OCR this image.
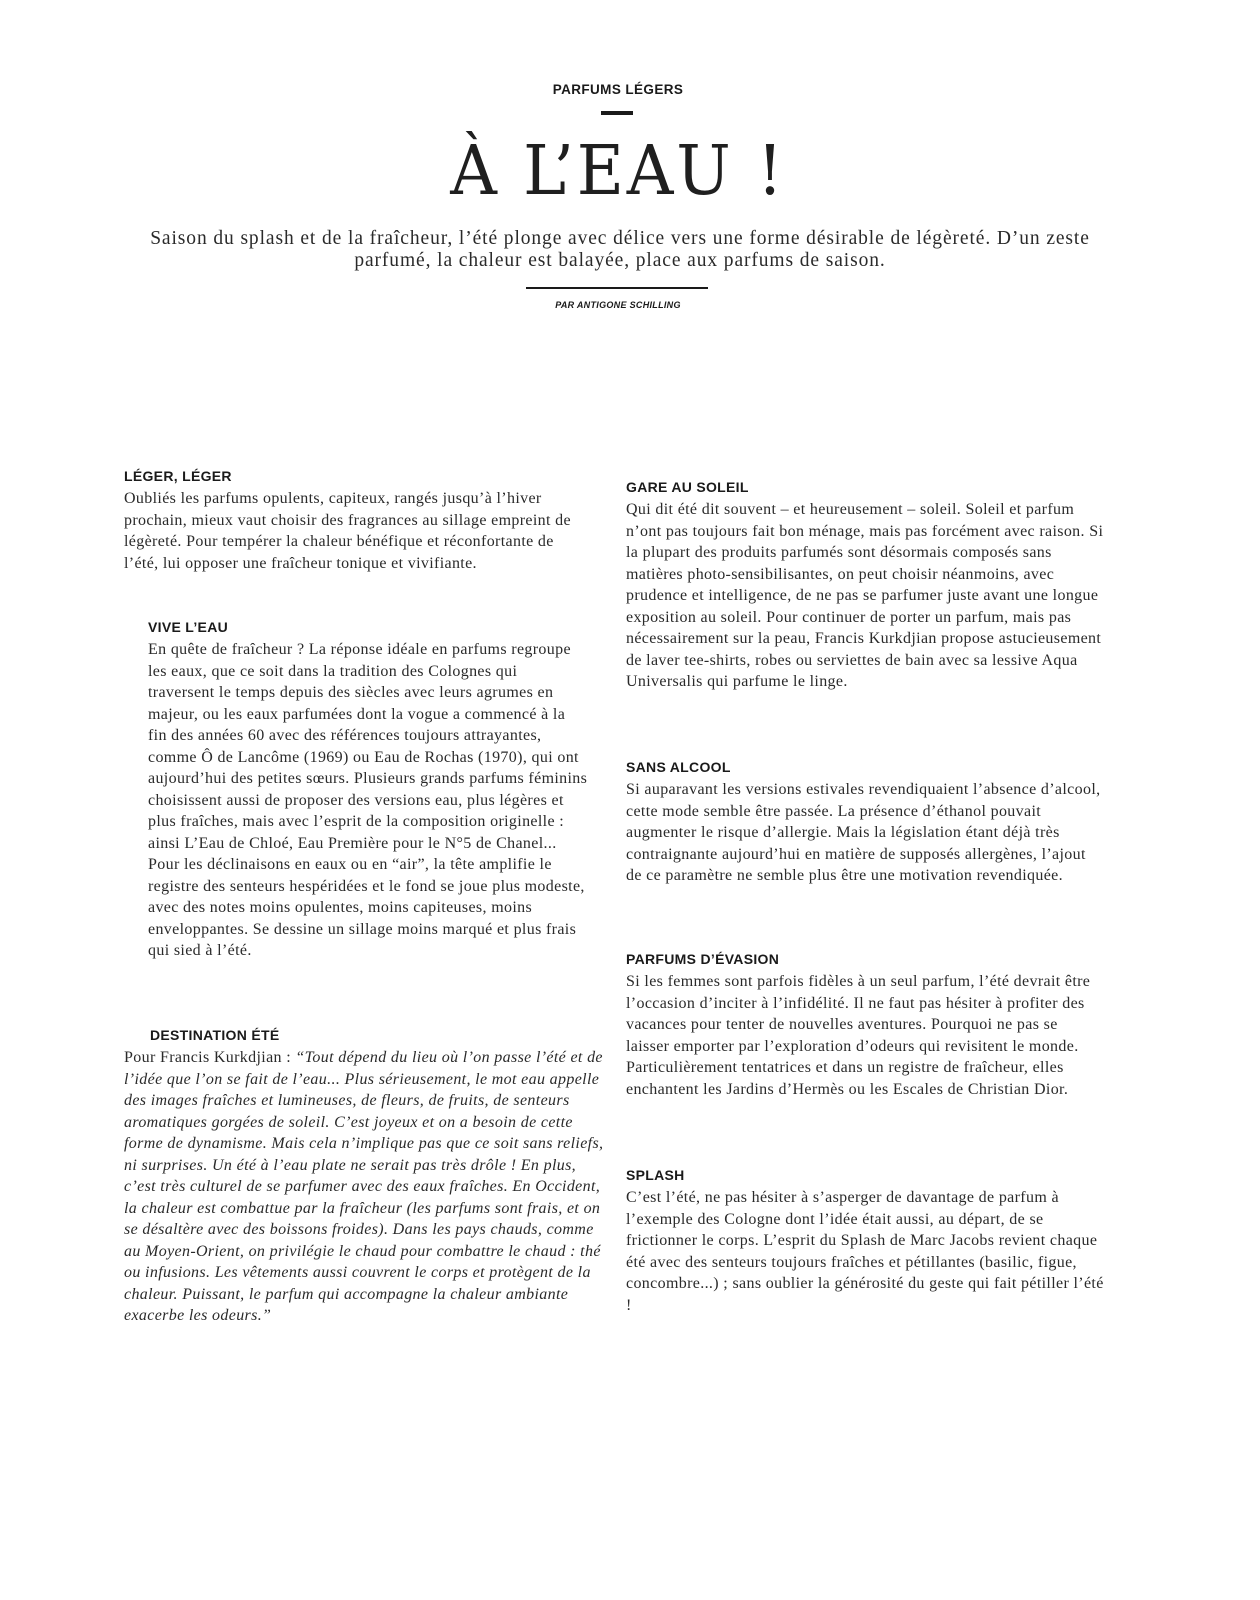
PARFUMS LÉGERS
À L’EAU !
Saison du splash et de la fraîcheur, l’été plonge avec délice vers une forme désirable de légèreté. D’un zeste parfumé, la chaleur est balayée, place aux parfums de saison.
PAR ANTIGONE SCHILLING
LÉGER, LÉGER

Oubliés les parfums opulents, capiteux, rangés jusqu’à l’hiver prochain, mieux vaut choisir des fragrances au sillage empreint de légèreté. Pour tempérer la chaleur bénéfique et réconfortante de l’été, lui opposer une fraîcheur tonique et vivifiante.

VIVE L’EAU

En quête de fraîcheur ? La réponse idéale en parfums regroupe les eaux, que ce soit dans la tradition des Colognes qui traversent le temps depuis des siècles avec leurs agrumes en majeur, ou les eaux parfumées dont la vogue a commencé à la fin des années 60 avec des références toujours attrayantes, comme Ô de Lancôme (1969) ou Eau de Rochas (1970), qui ont aujourd’hui des petites sœurs. Plusieurs grands parfums féminins choisissent aussi de proposer des versions eau, plus légères et plus fraîches, mais avec l’esprit de la composition originelle : ainsi L’Eau de Chloé, Eau Première pour le N°5 de Chanel... Pour les déclinaisons en eaux ou en “air”, la tête amplifie le registre des senteurs hespéridées et le fond se joue plus modeste, avec des notes moins opulentes, moins capiteuses, moins enveloppantes. Se dessine un sillage moins marqué et plus frais qui sied à l’été.

DESTINATION ÉTÉ

Pour Francis Kurkdjian : “Tout dépend du lieu où l’on passe l’été et de l’idée que l’on se fait de l’eau... Plus sérieusement, le mot eau appelle des images fraîches et lumineuses, de fleurs, de fruits, de senteurs aromatiques gorgées de soleil. C’est joyeux et on a besoin de cette forme de dynamisme. Mais cela n’implique pas que ce soit sans reliefs, ni surprises. Un été à l’eau plate ne serait pas très drôle ! En plus, c’est très culturel de se parfumer avec des eaux fraîches. En Occident, la chaleur est combattue par la fraîcheur (les parfums sont frais, et on se désaltère avec des boissons froides). Dans les pays chauds, comme au Moyen-Orient, on privilégie le chaud pour combattre le chaud : thé ou infusions. Les vêtements aussi couvrent le corps et protègent de la chaleur. Puissant, le parfum qui accompagne la chaleur ambiante exacerbe les odeurs.”

GARE AU SOLEIL

Qui dit été dit souvent – et heureusement – soleil. Soleil et parfum n’ont pas toujours fait bon ménage, mais pas forcément avec raison. Si la plupart des produits parfumés sont désormais composés sans matières photo-sensibilisantes, on peut choisir néanmoins, avec prudence et intelligence, de ne pas se parfumer juste avant une longue exposition au soleil. Pour continuer de porter un parfum, mais pas nécessairement sur la peau, Francis Kurkdjian propose astucieusement de laver tee-shirts, robes ou serviettes de bain avec sa lessive Aqua Universalis qui parfume le linge.

SANS ALCOOL

Si auparavant les versions estivales revendiquaient l’absence d’alcool, cette mode semble être passée. La présence d’éthanol pouvait augmenter le risque d’allergie. Mais la législation étant déjà très contraignante aujourd’hui en matière de supposés allergènes, l’ajout de ce paramètre ne semble plus être une motivation revendiquée.

PARFUMS D’ÉVASION

Si les femmes sont parfois fidèles à un seul parfum, l’été devrait être l’occasion d’inciter à l’infidélité. Il ne faut pas hésiter à profiter des vacances pour tenter de nouvelles aventures. Pourquoi ne pas se laisser emporter par l’exploration d’odeurs qui revisitent le monde. Particulièrement tentatrices et dans un registre de fraîcheur, elles enchantent les Jardins d’Hermès ou les Escales de Christian Dior.

SPLASH

C’est l’été, ne pas hésiter à s’asperger de davantage de parfum à l’exemple des Cologne dont l’idée était aussi, au départ, de se frictionner le corps. L’esprit du Splash de Marc Jacobs revient chaque été avec des senteurs toujours fraîches et pétillantes (basilic, figue, concombre...) ; sans oublier la générosité du geste qui fait pétiller l’été !
